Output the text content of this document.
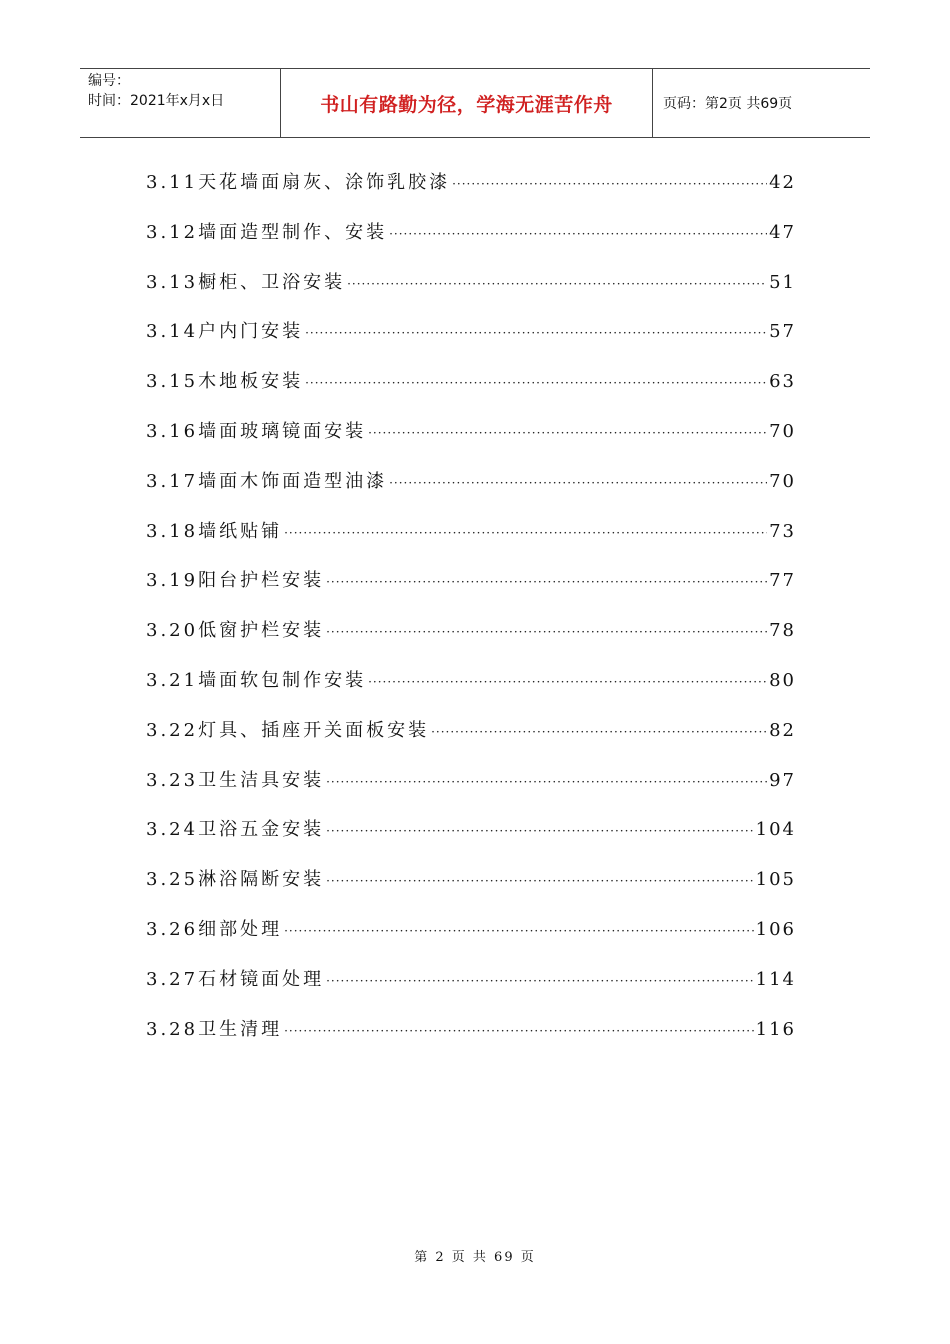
编号：
时间：2021年x月x日	书山有路勤为径，学海无涯苦作舟	页码：第2页 共69页
3.11天花墙面扇灰、涂饰乳胶漆 ·····	42
3.12墙面造型制作、安装 ·····	47
3.13橱柜、卫浴安装 ·····	51
3.14户内门安装 ·····	57
3.15木地板安装 ·····	63
3.16墙面玻璃镜面安装 ·····	70
3.17墙面木饰面造型油漆 ·····	70
3.18墙纸贴铺 ·····	73
3.19阳台护栏安装 ·····	77
3.20低窗护栏安装 ·····	78
3.21墙面软包制作安装 ·····	80
3.22灯具、插座开关面板安装 ·····	82
3.23卫生洁具安装 ·····	97
3.24卫浴五金安装 ·····	104
3.25淋浴隔断安装 ·····	105
3.26细部处理 ·····	106
3.27石材镜面处理 ·····	114
3.28卫生清理 ·····	116
第 2 页 共 69 页
